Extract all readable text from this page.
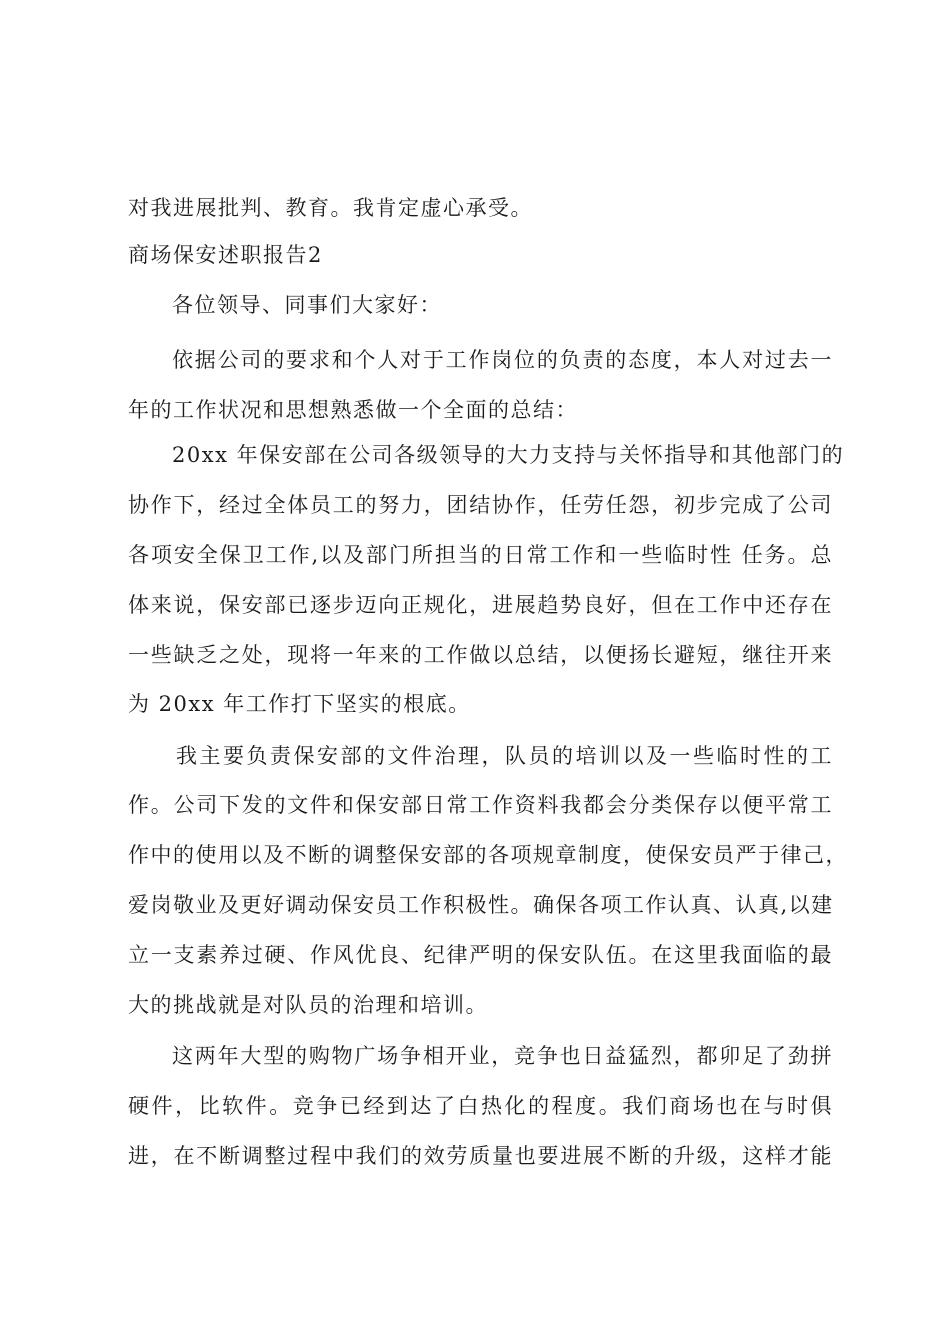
对我进展批判、教育。我肯定虚心承受。
商场保安述职报告2
各位领导、同事们大家好：
依据公司的要求和个人对于工作岗位的负责的态度，本人对过去一
年的工作状况和思想熟悉做一个全面的总结：
20xx 年保安部在公司各级领导的大力支持与关怀指导和其他部门的
协作下，经过全体员工的努力，团结协作，任劳任怨，初步完成了公司
各项安全保卫工作,以及部门所担当的日常工作和一些临时性 任务。总
体来说，保安部已逐步迈向正规化，进展趋势良好，但在工作中还存在
一些缺乏之处，现将一年来的工作做以总结，以便扬长避短，继往开来
为 20xx 年工作打下坚实的根底。
我主要负责保安部的文件治理，队员的培训以及一些临时性的工
作。公司下发的文件和保安部日常工作资料我都会分类保存以便平常工
作中的使用以及不断的调整保安部的各项规章制度，使保安员严于律己，
爱岗敬业及更好调动保安员工作积极性。确保各项工作认真、认真,以建
立一支素养过硬、作风优良、纪律严明的保安队伍。在这里我面临的最
大的挑战就是对队员的治理和培训。
这两年大型的购物广场争相开业，竞争也日益猛烈，都卯足了劲拼
硬件，比软件。竞争已经到达了白热化的程度。我们商场也在与时俱
进，在不断调整过程中我们的效劳质量也要进展不断的升级，这样才能
